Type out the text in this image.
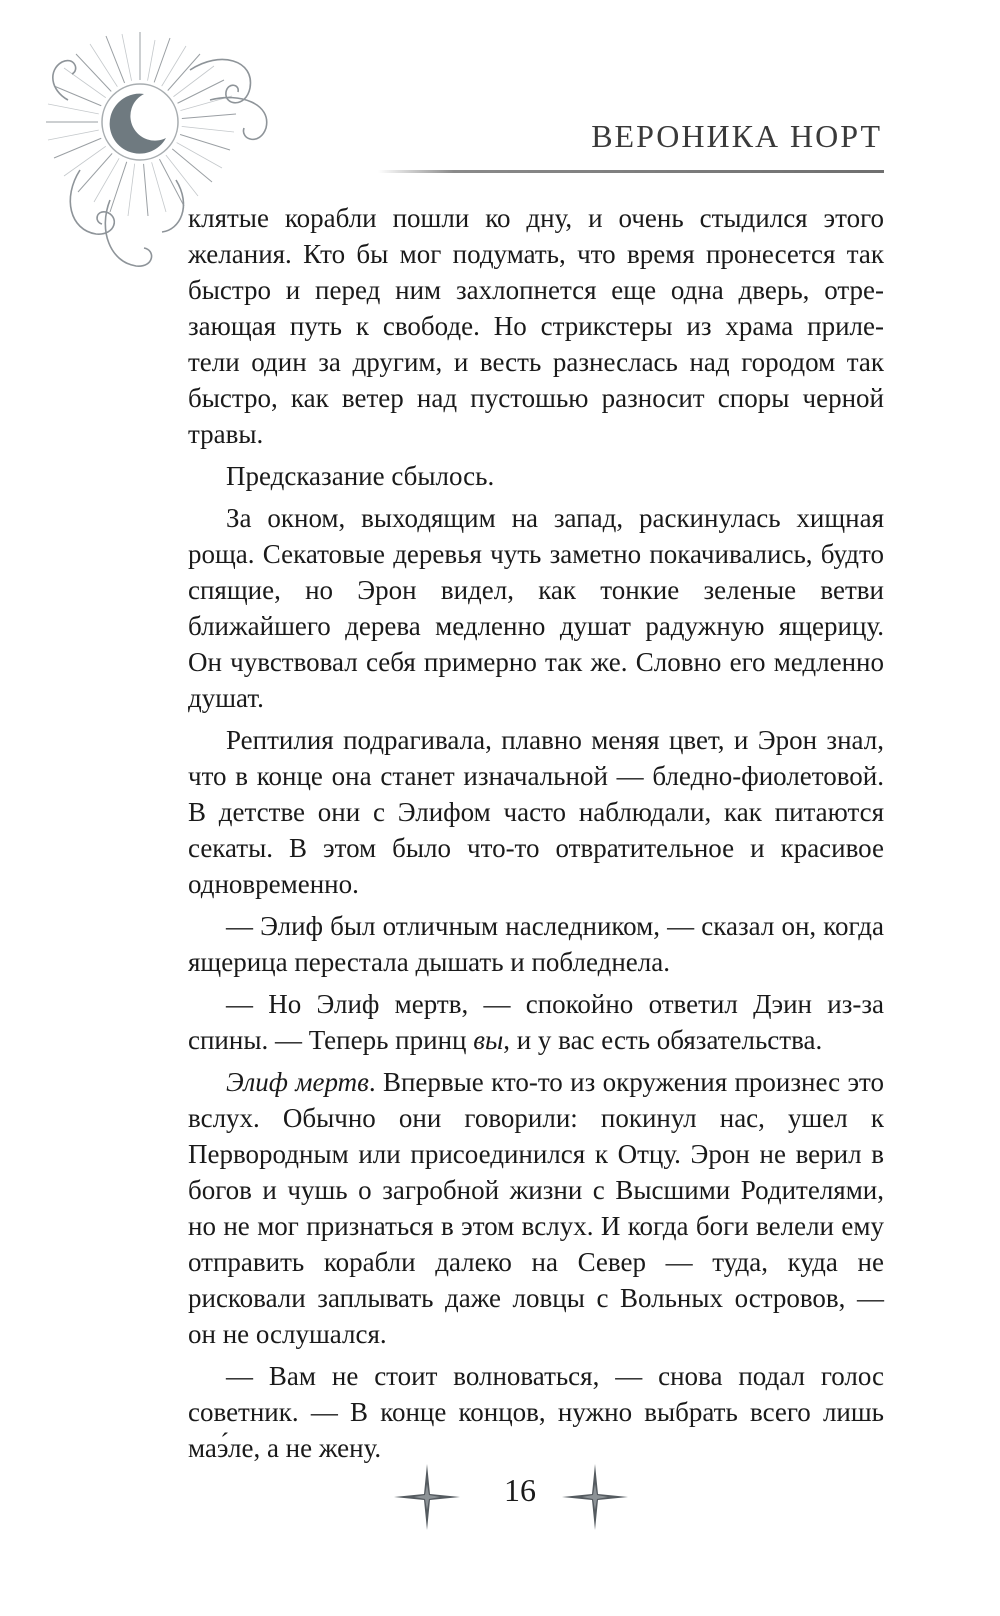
ВЕРОНИКА НОРТ

клятые корабли пошли ко дну, и очень стыдился этого желания. Кто бы мог подумать, что время пронесется так быстро и перед ним захлопнется еще одна дверь, отре- зающая путь к свободе. Но стрикстеры из храма приле- тели один за другим, и весть разнеслась над городом так быстро, как ветер над пустошью разносит споры черной травы.

Предсказание сбылось.

За окном, выходящим на запад, раскинулась хищная роща. Секатовые деревья чуть заметно покачивались, будто спящие, но Эрон видел, как тонкие зеленые ветви ближайшего дерева медленно душат радужную ящерицу. Он чувствовал себя примерно так же. Словно его медленно душат.

Рептилия подрагивала, плавно меняя цвет, и Эрон знал, что в конце она станет изначальной — бледно-фиолетовой. В детстве они с Элифом часто наблюдали, как питаются секаты. В этом было что-то отвратительное и красивое одновременно.

— Элиф был отличным наследником, — сказал он, когда ящерица перестала дышать и побледнела.

— Но Элиф мертв, — спокойно ответил Дэин из-за спины. — Теперь принц вы, и у вас есть обязательства.

Элиф мертв. Впервые кто-то из окружения произнес это вслух. Обычно они говорили: покинул нас, ушел к Первородным или присоединился к Отцу. Эрон не верил в богов и чушь о загробной жизни с Высшими Родителями, но не мог признаться в этом вслух. И когда боги велели ему отправить корабли далеко на Север — туда, куда не рисковали заплывать даже ловцы с Вольных островов, — он не ослушался.

— Вам не стоит волноваться, — снова подал голос советник. — В конце концов, нужно выбрать всего лишь маэ́ле, а не жену.

16
